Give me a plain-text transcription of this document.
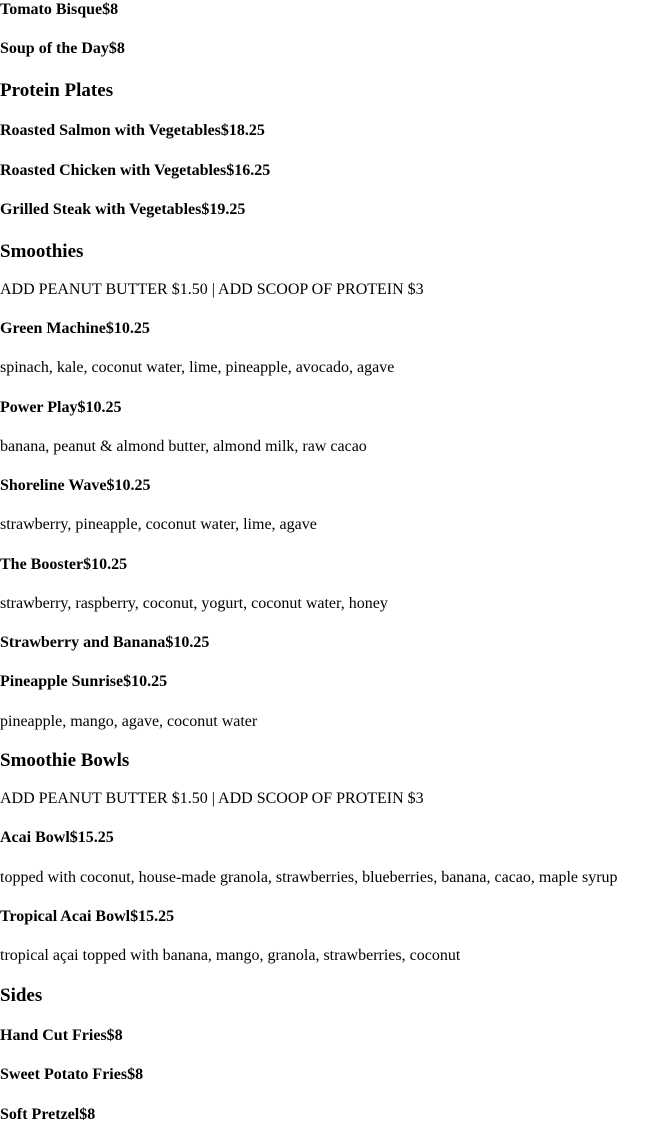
Tomato Bisque$8
Soup of the Day$8
Protein Plates
Roasted Salmon with Vegetables$18.25
Roasted Chicken with Vegetables$16.25
Grilled Steak with Vegetables$19.25
Smoothies
ADD PEANUT BUTTER $1.50 | ADD SCOOP OF PROTEIN $3
Green Machine$10.25
spinach, kale, coconut water, lime, pineapple, avocado, agave
Power Play$10.25
banana, peanut & almond butter, almond milk, raw cacao
Shoreline Wave$10.25
strawberry, pineapple, coconut water, lime, agave
The Booster$10.25
strawberry, raspberry, coconut, yogurt, coconut water, honey
Strawberry and Banana$10.25
Pineapple Sunrise$10.25
pineapple, mango, agave, coconut water
Smoothie Bowls
ADD PEANUT BUTTER $1.50 | ADD SCOOP OF PROTEIN $3
Acai Bowl$15.25
topped with coconut, house-made granola, strawberries, blueberries, banana, cacao, maple syrup
Tropical Acai Bowl$15.25
tropical açai topped with banana, mango, granola, strawberries, coconut
Sides
Hand Cut Fries$8
Sweet Potato Fries$8
Soft Pretzel$8
